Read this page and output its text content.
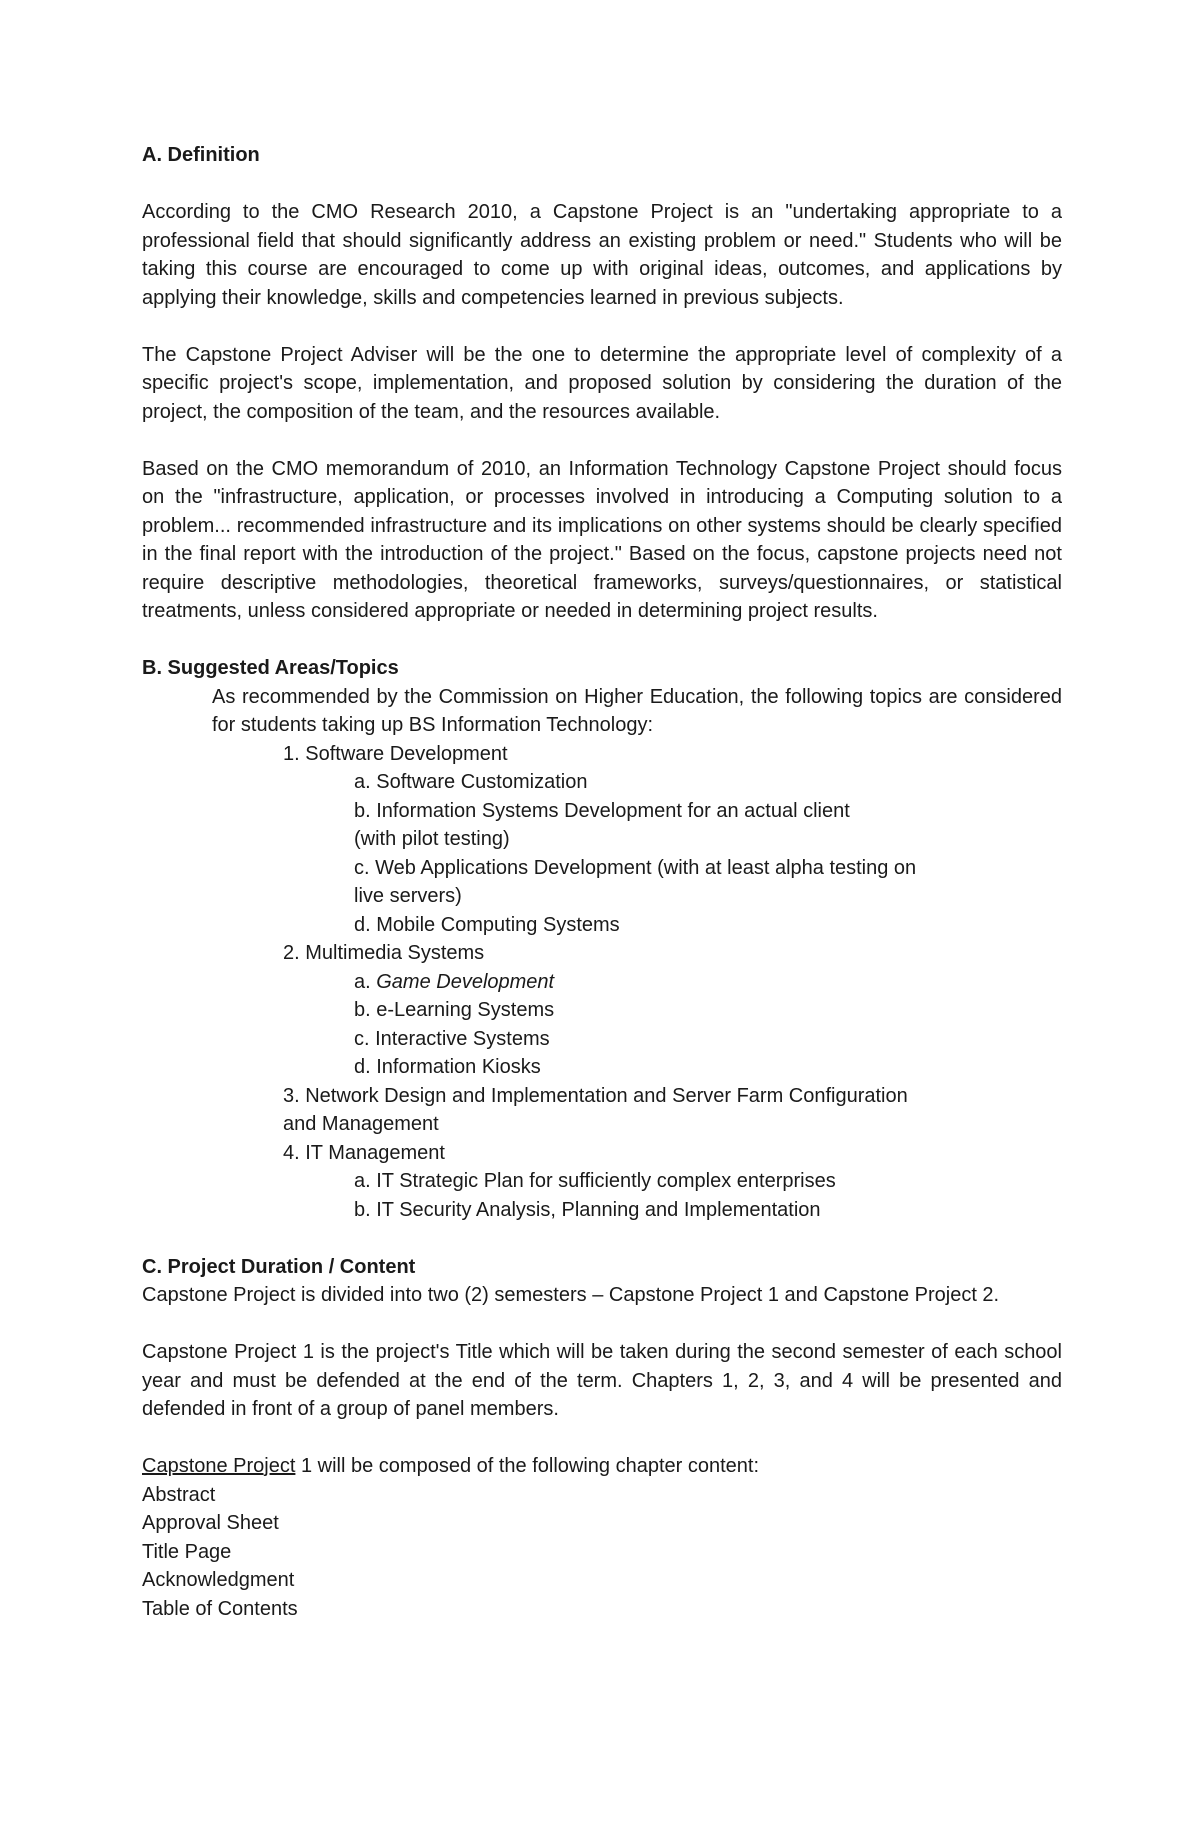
A. Definition

According to the CMO Research 2010, a Capstone Project is an "undertaking appropriate to a professional field that should significantly address an existing problem or need." Students who will be taking this course are encouraged to come up with original ideas, outcomes, and applications by applying their knowledge, skills and competencies learned in previous subjects.

The Capstone Project Adviser will be the one to determine the appropriate level of complexity of a specific project's scope, implementation, and proposed solution by considering the duration of the project, the composition of the team, and the resources available.

Based on the CMO memorandum of 2010, an Information Technology Capstone Project should focus on the "infrastructure, application, or processes involved in introducing a Computing solution to a problem... recommended infrastructure and its implications on other systems should be clearly specified in the final report with the introduction of the project." Based on the focus, capstone projects need not require descriptive methodologies, theoretical frameworks, surveys/questionnaires, or statistical treatments, unless considered appropriate or needed in determining project results.

B. Suggested Areas/Topics

As recommended by the Commission on Higher Education, the following topics are considered for students taking up BS Information Technology:

1. Software Development

a. Software Customization

b. Information Systems Development for an actual client

(with pilot testing)

c. Web Applications Development (with at least alpha testing on live servers)

d. Mobile Computing Systems

2. Multimedia Systems

a. Game Development

b. e-Learning Systems

c. Interactive Systems

d. Information Kiosks

3. Network Design and Implementation and Server Farm Configuration and Management

4. IT Management

a. IT Strategic Plan for sufficiently complex enterprises

b. IT Security Analysis, Planning and Implementation

C. Project Duration / Content

Capstone Project is divided into two (2) semesters – Capstone Project 1 and Capstone Project 2.

Capstone Project 1 is the project's Title which will be taken during the second semester of each school year and must be defended at the end of the term. Chapters 1, 2, 3, and 4 will be presented and defended in front of a group of panel members.

Capstone Project 1 will be composed of the following chapter content:

Abstract

Approval Sheet

Title Page

Acknowledgment

Table of Contents
